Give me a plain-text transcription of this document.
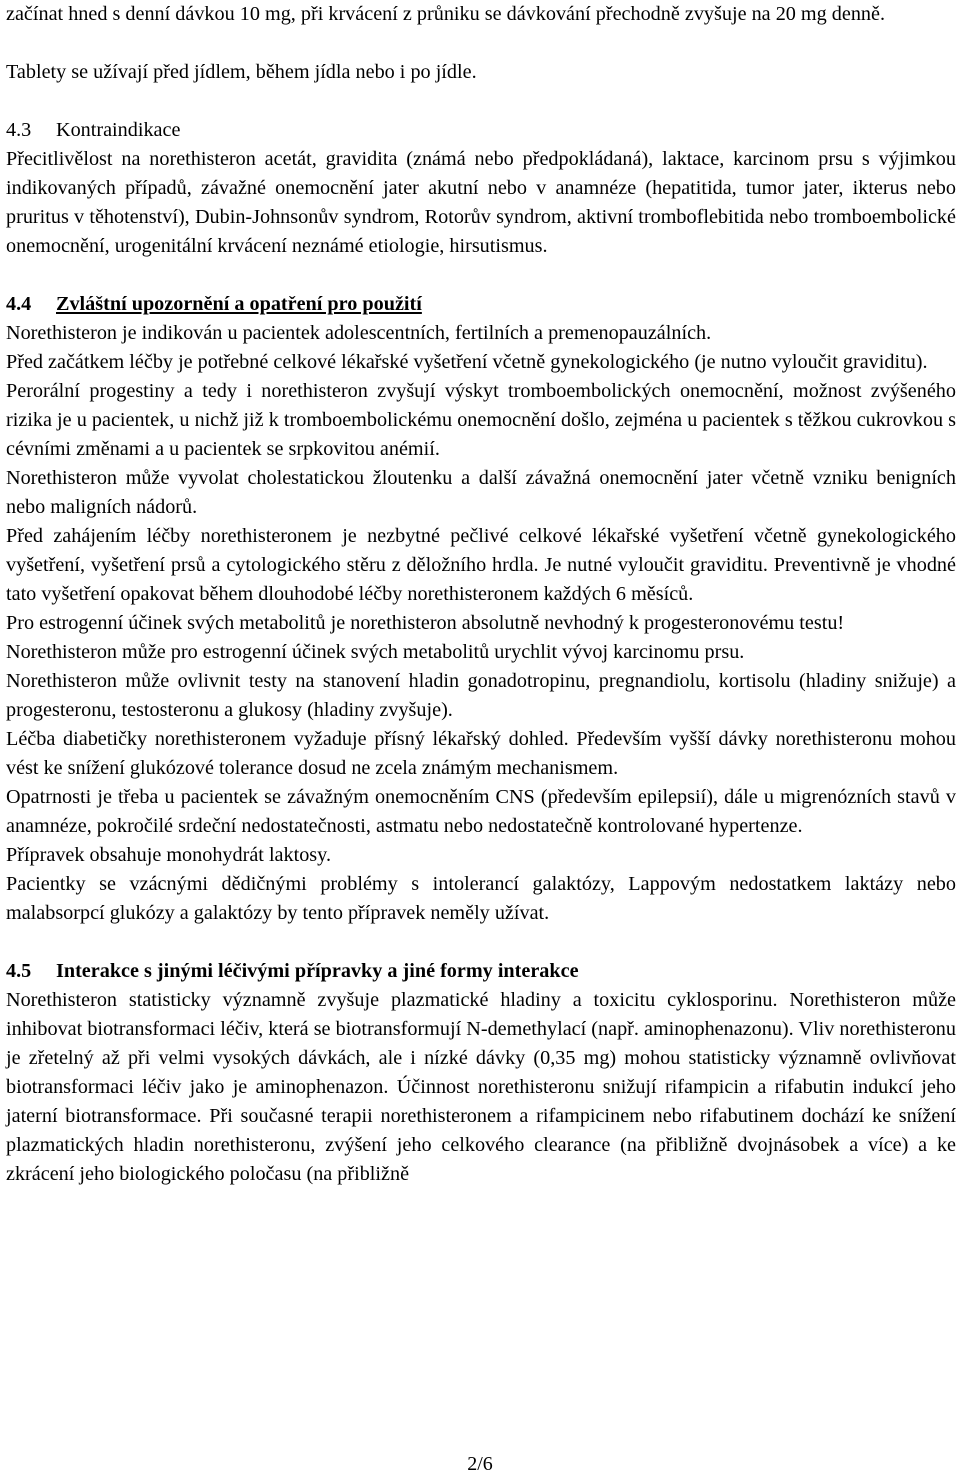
začínat hned s denní dávkou 10 mg, při krvácení z průniku se dávkování přechodně zvyšuje na 20 mg denně.

Tablety se užívají před jídlem, během jídla nebo i po jídle.

4.3 Kontraindikace

Přecitlivělost na norethisteron acetát, gravidita (známá nebo předpokládaná), laktace, karcinom prsu s výjimkou indikovaných případů, závažné onemocnění jater akutní nebo v anamnéze (hepatitida, tumor jater, ikterus nebo pruritus v těhotenství), Dubin-Johnsonův syndrom, Rotorův syndrom, aktivní tromboflebitida nebo tromboembolické onemocnění, urogenitální krvácení neznámé etiologie, hirsutismus.

4.4 Zvláštní upozornění a opatření pro použití

Norethisteron je indikován u pacientek adolescentních, fertilních a premenopauzálních.

Před začátkem léčby je potřebné celkové lékařské vyšetření včetně gynekologického (je nutno vyloučit graviditu).

Perorální progestiny a tedy i norethisteron zvyšují výskyt tromboembolických onemocnění, možnost zvýšeného rizika je u pacientek, u nichž již k tromboembolickému onemocnění došlo, zejména u pacientek s těžkou cukrovkou s cévními změnami a u pacientek se srpkovitou anémií.

Norethisteron může vyvolat cholestatickou žloutenku a další závažná onemocnění jater včetně vzniku benigních nebo maligních nádorů.

Před zahájením léčby norethisteronem je nezbytné pečlivé celkové lékařské vyšetření včetně gynekologického vyšetření, vyšetření prsů a cytologického stěru z děložního hrdla. Je nutné vyloučit graviditu. Preventivně je vhodné tato vyšetření opakovat během dlouhodobé léčby norethisteronem každých 6 měsíců.

Pro estrogenní účinek svých metabolitů je norethisteron absolutně nevhodný k progesteronovému testu!

Norethisteron může pro estrogenní účinek svých metabolitů urychlit vývoj karcinomu prsu.

Norethisteron může ovlivnit testy na stanovení hladin gonadotropinu, pregnandiolu, kortisolu (hladiny snižuje) a progesteronu, testosteronu a glukosy (hladiny zvyšuje).

Léčba diabetičky norethisteronem vyžaduje přísný lékařský dohled. Především vyšší dávky norethisteronu mohou vést ke snížení glukózové tolerance dosud ne zcela známým mechanismem.

Opatrnosti je třeba u pacientek se závažným onemocněním CNS (především epilepsií), dále u migrenózních stavů v anamnéze, pokročilé srdeční nedostatečnosti, astmatu nebo nedostatečně kontrolované hypertenze.

Přípravek obsahuje monohydrát laktosy.

Pacientky se vzácnými dědičnými problémy s intolerancí galaktózy, Lappovým nedostatkem laktázy nebo malabsorpcí glukózy a galaktózy by tento přípravek neměly užívat.

4.5 Interakce s jinými léčivými přípravky a jiné formy interakce

Norethisteron statisticky významně zvyšuje plazmatické hladiny a toxicitu cyklosporinu. Norethisteron může inhibovat biotransformaci léčiv, která se biotransformují N-demethylací (např. aminophenazonu). Vliv norethisteronu je zřetelný až při velmi vysokých dávkách, ale i nízké dávky (0,35 mg) mohou statisticky významně ovlivňovat biotransformaci léčiv jako je aminophenazon. Účinnost norethisteronu snižují rifampicin a rifabutin indukcí jeho jaterní biotransformace. Při současné terapii norethisteronem a rifampicinem nebo rifabutinem dochází ke snížení plazmatických hladin norethisteronu, zvýšení jeho celkového clearance (na přibližně dvojnásobek a více) a ke zkrácení jeho biologického poločasu (na přibližně

2/6
